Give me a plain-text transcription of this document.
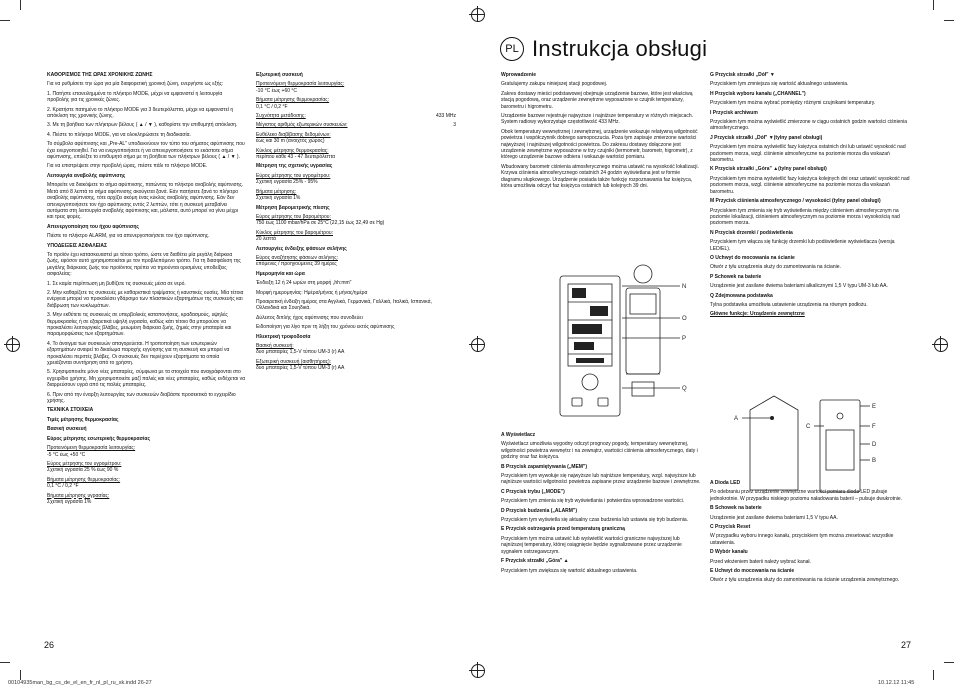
ΚΑΘΟΡΙΣΜΟΣ ΤΗΣ ΩΡΑΣ ΧΡΟΝΙΚΗΣ ΖΩΝΗΣ

Για να ρυθμίσετε την ώρα για μία διαφορετική χρονική ζώνη, ενεργήστε ως εξής:

1. Πατήστε επανειλημμένα το πλήκτρο MODE, μέχρι να εμφανιστεί η λειτουργία προβολής για τις χρονικές ζώνες.

2. Κρατήστε πατημένο το πλήκτρο MODE για 3 δευτερόλεπτα, μέχρι να εμφανιστεί η απόκλιση της χρονικής ζώνης.

3. Με τη βοήθεια των πλήκτρων βέλους ( ▲ / ▼ ), καθορίστε την επιθυμητή απόκλιση.

4. Πιέστε το πλήκτρο MODE, για να ολοκληρώσετε τη διαδικασία.

Το σύμβολο αφύπνισης και „Pre-AL" υποδεικνύουν τον τύπο του σήματος αφύπνισης που έχει ενεργοποιηθεί. Για να ενεργοποιήσετε ή να απενεργοποιήσετε το εκάστοτε σήμα αφύπνισης, επιλέξτε το επιθυμητό σήμα με τη βοήθεια των πλήκτρων βέλους ( ▲ / ▼ ).

Για να επιστρέψετε στην προβολή ώρας, πιέστε πάλι το πλήκτρο MODE.

Λειτουργία αναβολής αφύπνισης

Μπορείτε να διακόψετε το σήμα αφύπνισης, πατώντας το πλήκτρο αναβολής αφύπνισης. Μετά από 8 λεπτά το σήμα αφύπνισης ακούγεται ξανά. Εάν πατήσετε ξανά το πλήκτρο αναβολής αφύπνισης, τότε αρχίζει ακόμη ένας κύκλος αναβολής αφύπνισης. Εάν δεν απενεργοποιήσετε τον ήχο αφύπνισης εντός 2 λεπτών, τότε η συσκευή μεταβαίνει αυτόματα στη λειτουργία αναβολής αφύπνισης και, μάλιστα, αυτό μπορεί να γίνει μέχρι και τρεις φορές.

Απενεργοποίηση του ήχου αφύπνισης

Πιέστε το πλήκτρο ALARM, για να απενεργοποιήσετε τον ήχο αφύπνισης.

ΥΠΟΔΕΙΞΕΙΣ ΑΣΦΑΛΕΙΑΣ

Το προϊόν έχει κατασκευαστεί με τέτοιο τρόπο, ώστε να διαθέτει μία μεγάλη διάρκεια ζωής, εφόσον αυτό χρησιμοποιείται με τον προβλεπόμενο τρόπο. Για τη διασφάλιση της μεγάλης διάρκειας ζωής του προϊόντος πρέπει να τηρούνται ορισμένες υποδείξεις ασφαλείας:

1. Σε καμία περίπτωση μη βυθίζετε τις συσκευές μέσα σε νερό.

2. Μην καθαρίζετε τις συσκευές με καθαριστικά τριψίματος ή καυστικές ουσίες. Μία τέτοια ενέργεια μπορεί να προκαλέσει γδάρσιμο των πλαστικών εξαρτημάτων της συσκευής και διάβρωση των κυκλωμάτων.

3. Μην εκθέτετε τις συσκευές σε υπερβολικές καταπονήσεις, κραδασμούς, υψηλές θερμοκρασίες ή σε εξαιρετικά υψηλή υγρασία, καθώς κάτι τέτοιο θα μπορούσε να προκαλέσει λειτουργικές βλάβες, μειωμένη διάρκεια ζωής, ζημιές στην μπαταρία και παραμορφώσεις των εξαρτημάτων.

4. Το άνοιγμα των συσκευών απαγορεύεται. Η τροποποίηση των εσωτερικών εξαρτημάτων αναιρεί το δικαίωμα παροχής εγγύησης για τη συσκευή και μπορεί να προκαλέσει περιττές βλάβες. Οι συσκευές δεν περιέχουν εξαρτήματα τα οποία χρειάζονται συντήρηση από το χρήστη.

5. Χρησιμοποιείτε μόνο νέες μπαταρίες, σύμφωνα με τα στοιχεία που αναγράφονται στο εγχειρίδιο χρήσης. Μη χρησιμοποιείτε μαζί παλιές και νέες μπαταρίες, καθώς ενδέχεται να διαρρεύσουν υγρά από τις παλιές μπαταρίες.

6. Πριν από την έναρξη λειτουργίας των συσκευών διαβάστε προσεκτικά το εγχειρίδιο χρήσης.

ΤΕΧΝΙΚΑ ΣΤΟΙΧΕΙΑ

Τιμές μέτρησης θερμοκρασίας

Βασική συσκευή

Εύρος μέτρησης εσωτερικής θερμοκρασίας

Προτεινόμενη θερμοκρασία λειτουργίας:

-5 °C έως +50 °C

Εύρος μέτρησης του υγρομέτρου:

Σχετική υγρασία 25 % έως 90 %

Βήματα μέτρησης θερμοκρασίας:

0,1 °C / 0,2 °F

Βήματα μέτρησης υγρασίας:

Σχετική υγρασία 1%

Εξωτερική συσκευή

Προτεινόμενη θερμοκρασία λειτουργίας:

-10 °C έως +60 °C

Βήματα μέτρησης θερμοκρασίας:

0,1 °C / 0,2 °F

Συχνότητα μετάδοσης:	433 MHz

Μέγιστος αριθμός εξωτερικών συσκευών:	3

Ευθέλεκο διαβίβασης δεδομένων:

έως και 30 m (ανοιχτός χώρος)

Κύκλος μέτρησης θερμοκρασίας:

περίπου κάθε 43 - 47 δευτερόλεπτα

Μέτρηση της σχετικής υγρασίας

Εύρος μέτρησης του υγρομέτρου:

Σχετική υγρασία 25% - 95%

Βήματα μέτρησης:

Σχετική υγρασία 1%

Μέτρηση βαρομετρικής πίεσης

Εύρος μέτρησης του βαρομέτρου:

750 έως 1100 mbar/hPa σε 25°C (22,15 έως 32,49 σε Hg)

Κύκλος μέτρησης του βαρομέτρου:

20 λεπτά

Λειτουργίες ένδειξης φάσεων σελήνης

Εύρος αναζήτησης φάσεων σελήνης:

επόμενες / προηγούμενες 39 ημέρες

Ημερομηνία και ώρα

Ένδειξη 12 ή 24 ωρών στη μορφή „hh:mm"

Μορφή ημερομηνίας: Ημέρα/μήνας ή μήνας/ημέρα

Προαιρετική ένδειξη ημέρας στα Αγγλικά, Γερμανικά, Γαλλικά, Ιταλικά, Ισπανικά, Ολλανδικά και Σουηδικά.

Δύλειτος διπλής ήχος αφύπνισης που συνοδεύει

Ειδοποίηση για λίγο πριν τη λήξη του χρόνου εκτός αφύπνισης

Ηλεκτρική τροφοδοσία

Βασική συσκευή:

δυο μπαταρίες 1,5-V τύπου UM-3 (r) AA

Εξωτερική συσκευή (αισθητήρας):

δυο μπαταρίες 1,5-V τύπου UM-3 (r) AA

26

Wprowadzenie

Gratulujemy zakupu niniejszej stacji pogodowej.

Zakres dostawy mieści podstawowej obejmuje urządzenie bazowe, które jest właściwą stacją pogodową, oraz urządzenie zewnętrzne wyposażone w czujnik temperatury, barometru i higrometru.

Urządzenie bazowe rejestruje najwyższe i najniższe temperatury w różnych miejscach. System radiowy wykorzystuje częstotliwość 433 MHz.

Obok temperatury wewnętrznej i zewnętrznej, urządzenie wskazuje relatywną wilgotność powietrza i współczynnik dobrego samopoczucia. Poza tym zapisuje zmierzone wartości najwyższej i najniższej wilgotności powietrza. Do zakresu dostawy dołączone jest urządzenie zewnętrzne wyposażone w trzy czujniki (termometr, barometr, higrometr), z którego urządzenie bazowe odbiera i wskazuje wartości pomiaru.

Wbudowany barometr ciśnienia atmosferycznego można ustawić na wysokość lokalizacji. Krzywa ciśnienia atmosferycznego ostatnich 24 godzin wyświetlana jest w formie diagramu słupkowego. Urządzenie posiada także funkcję rozpoznawania faz księżyca, która umożliwia odczyt faz księżyca ostatnich lub kolejnych 39 dni.

A Wyświetlacz

Wyświetlacz umożliwia wygodny odczyt prognozy pogody, temperatury wewnętrznej, wilgotności powietrza wewnętrz i na zewnątrz, wartości ciśnienia atmosferycznego, daty i godziny oraz faz księżyca.

B Przycisk zapamiętywania („MEM")

Przyciskiem tym wywołuje się najwyższe lub najniższe temperatury, wzgl. najwyższe lub najniższe wartości wilgotności powietrza zapisane przez urządzenie bazowe i zewnętrzne.

C Przycisk trybu („MODE")

Przyciskiem tym zmienia się tryb wyświetlania i potwierdza wprowadzone wartości.

D Przycisk budzenia („ALARM")

Przyciskiem tym wyświetla się aktualny czas budzenia lub ustawia się tryb budzenia.

E Przycisk ostrzegania przed temperaturą graniczną

Przyciskiem tym można ustawić lub wyświetlić wartości graniczne najwyższej lub najniższej temperatury, której osiągnięcie będzie sygnalizowane przez urządzenie sygnałem ostrzegawczym.

F Przycisk strzałki „Góra" ▲

Przyciskiem tym zwiększa się wartość aktualnego ustawienia.

G Przycisk strzałki „Dół" ▼

Przyciskiem tym zmniejsza się wartość aktualnego ustawienia.

H Przycisk wyboru kanału („CHANNEL")

Przyciskiem tym można wybrać pomiędzy różnymi czujnikami temperatury.

I Przycisk archiwum

Przyciskiem tym można wyświetlić zmierzone w ciągu ostatnich godzin wartości ciśnienia atmosferycznego.

J Przycisk strzałki „Dół" ▼(tylny panel obsługi)

Przyciskiem tym można wyświetlić fazy księżyca ostatnich dni lub ustawić wysokość nad poziomem morza, wzgl. ciśnienie atmosferyczne na poziomie morza dla wskazań barometru.

K Przycisk strzałki „Góra" ▲(tylny panel obsługi)

Przyciskiem tym można wyświetlić fazy księżyca kolejnych dni oraz ustawić wysokość nad poziomem morza, wzgl. ciśnienie atmosferyczne na poziomie morza dla wskazań barometru.

M Przycisk ciśnienia atmosferycznego / wysokości (tylny panel obsługi)

Przyciskiem tym zmienia się tryb wyświetlenia między ciśnieniem atmosferycznym na poziomie lokalizacji, ciśnieniem atmosferycznym na poziomie morza i wysokością nad poziomem morza.

N Przycisk drzemki / podświetlenia

Przyciskiem tym włącza się funkcję drzemki lub podświetlenie wyświetlacza (wersja LED/EL).

O Uchwyt do mocowania na ścianie

Otwór z tyłu urządzenia służy do zamontowania na ścianie.

P Schowek na baterie

Urządzenie jest zasilane dwiema bateriami alkalicznymi 1,5 V typu UM-3 lub AA.

Q Zdejmowana podstawka

Tylna podstawka umożliwia ustawienie urządzenia na równym podłożu.

Główne funkcje: Urządzenie zewnętrzne

A Dioda LED

Po odebraniu przez urządzenie zewnętrzne wartości pomiaru dioda LED pulsuje jednokrotnie. W przypadku niskiego poziomu naładowania baterii – pulsuje dwukrotnie.

B Schowek na baterie

Urządzenie jest zasilane dwiema bateriami 1,5 V typu AA.

C Przycisk Reset

W przypadku wyboru innego kanału, przyciskiem tym można zresetować wszystkie ustawienia.

D Wybór kanału

Przed włożeniem baterii należy wybrać kanał.

E Uchwyt do mocowania na ścianie

Otwór z tyłu urządzenia służy do zamontowania na ścianie urządzenia zewnętrznego.

27
PL Instrukcja obsługi
N
O
P
Q
A
C
E
F
D
B
00104935man_bg_cs_de_el_en_fr_nl_pl_ru_sk.indd 26-27	10.12.12 11:45
